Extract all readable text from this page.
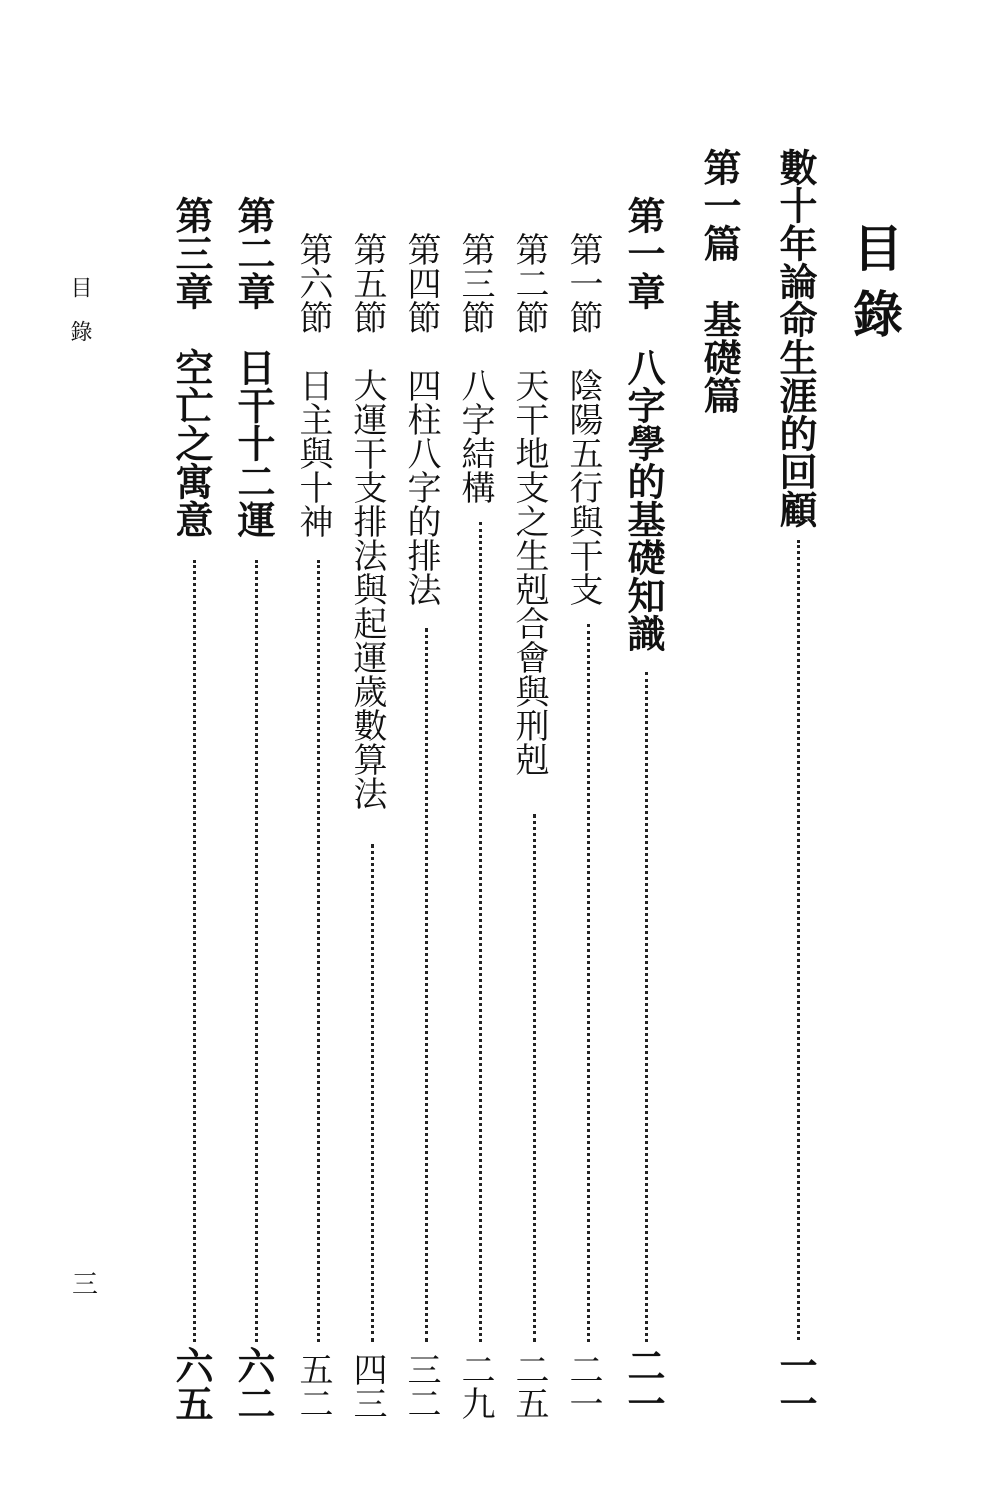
目錄
數十年論命生涯的回顧
一一
第一篇　基礎篇
第一章　八字學的基礎知識
二一
第一節　陰陽五行與干支
二一
第二節　天干地支之生剋合會與刑剋
二五
第三節　八字結構
二九
第四節　四柱八字的排法
三二
第五節　大運干支排法與起運歲數算法
四三
第六節　日主與十神
五二
第二章　日干十二運
六二
第三章　空亡之寓意
六五
目錄
三
